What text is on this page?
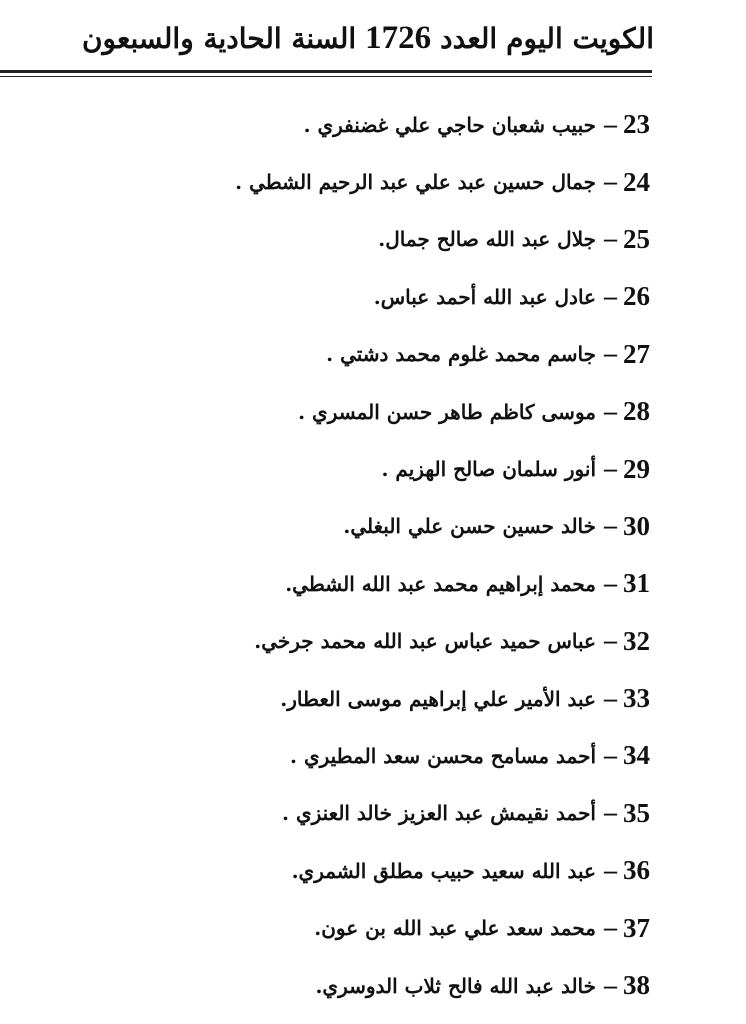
الكويت اليوم
العدد
1726
السنة الحادية والسبعون
23
–
حبيب شعبان حاجي علي غضنفري .
24
–
جمال حسين عبد علي عبد الرحيم الشطي .
25
–
جلال عبد الله صالح جمال.
26
–
عادل عبد الله أحمد عباس.
27
–
جاسم محمد غلوم محمد دشتي .
28
–
موسى كاظم طاهر حسن المسري .
29
–
أنور سلمان صالح الهزيم .
30
–
خالد حسين حسن علي البغلي.
31
–
محمد إبراهيم محمد عبد الله الشطي.
32
–
عباس حميد عباس عبد الله محمد جرخي.
33
–
عبد الأمير علي إبراهيم موسى العطار.
34
–
أحمد مسامح محسن سعد المطيري .
35
–
أحمد نقيمش عبد العزيز خالد العنزي .
36
–
عبد الله سعيد حبيب مطلق الشمري.
37
–
محمد سعد علي عبد الله بن عون.
38
–
خالد عبد الله فالح ثلاب الدوسري.
